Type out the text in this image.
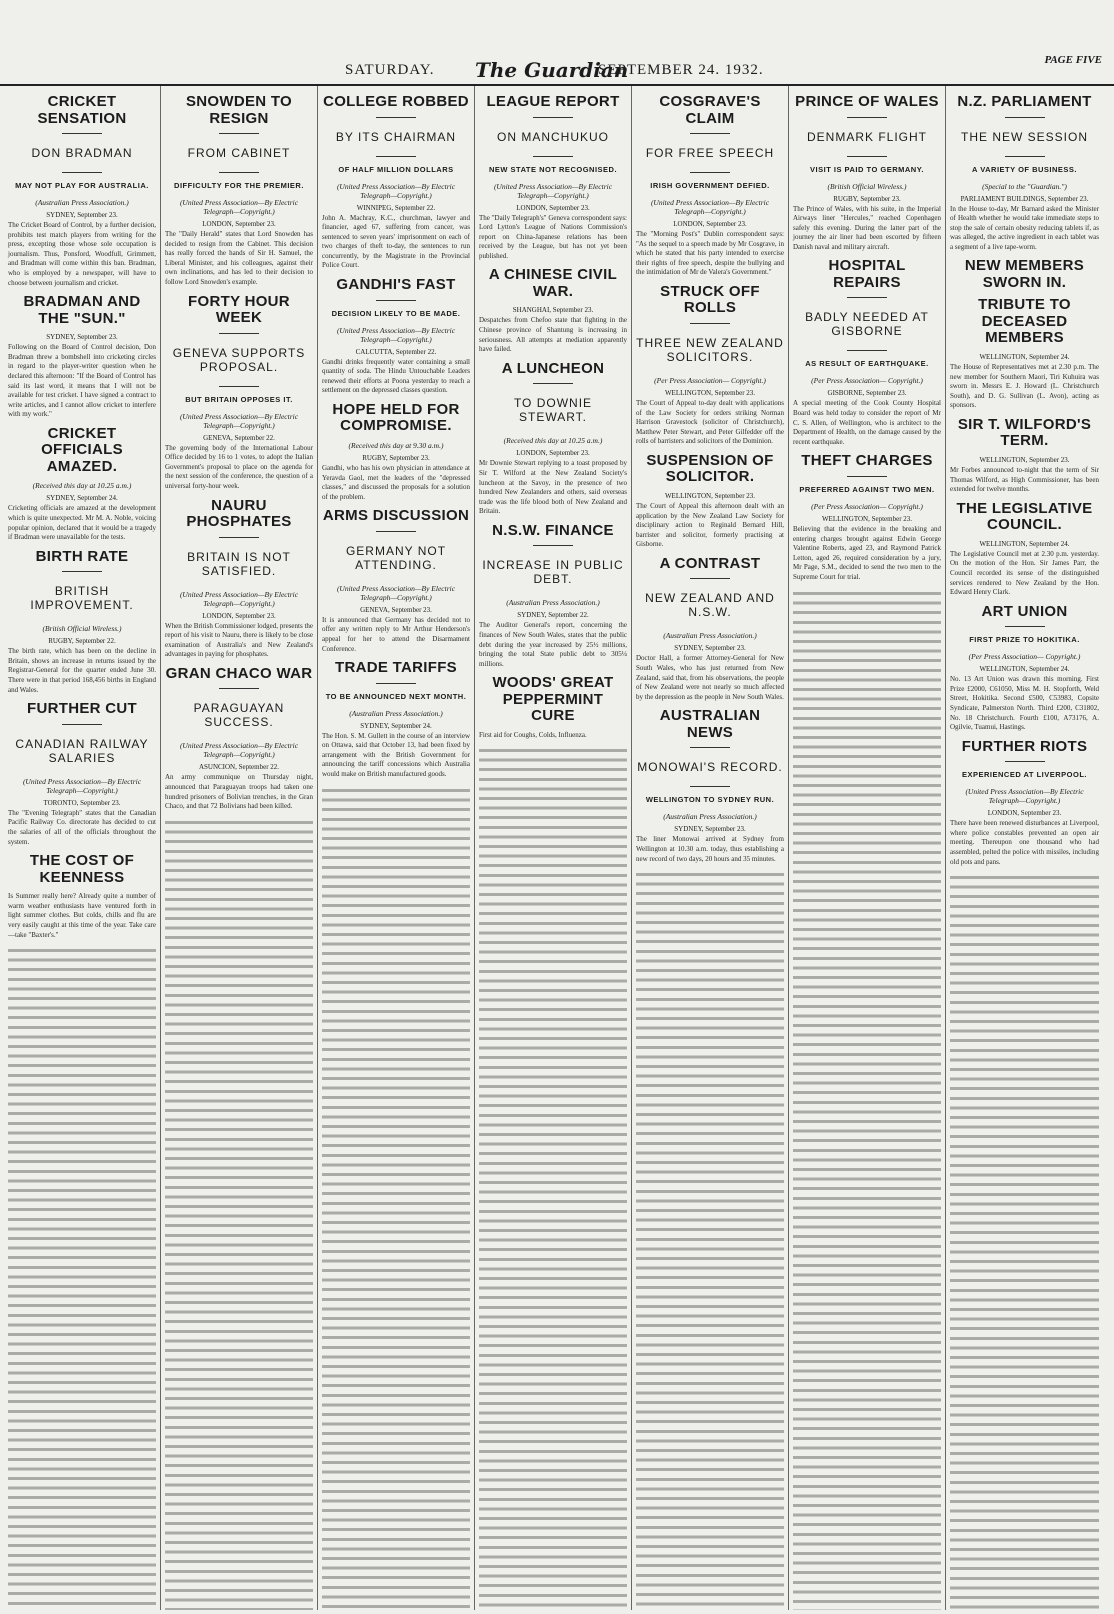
SATURDAY. The Guardian
SEPTEMBER 24. 1932.
PAGE FIVE
CRICKET SENSATION
DON BRADMAN
MAY NOT PLAY FOR AUSTRALIA.
(Australian Press Association.)
SYDNEY, September 23.
The Cricket Board of Control, by a further decision, prohibits test match players from writing for the press, excepting those whose sole occupation is journalism. Thus, Ponsford, Woodfull, Grimmett, and Bradman will come within this ban. Bradman, who is employed by a newspaper, will have to choose between journalism and cricket.
BRADMAN AND THE "SUN."
SYDNEY, September 23.
Following on the Board of Control decision, Don Bradman threw a bombshell into cricketing circles in regard to the player-writer question when he declared this afternoon: "If the Board of Control has said its last word, it means that I will not be available for test cricket. I have signed a contract to write articles, and I cannot allow cricket to interfere with my work."
CRICKET OFFICIALS AMAZED.
(Received this day at 10.25 a.m.)
SYDNEY, September 24.
Cricketing officials are amazed at the development which is quite unexpected. Mr M. A. Noble, voicing popular opinion, declared that it would be a tragedy if Bradman were unavailable for the tests.
BIRTH RATE
BRITISH IMPROVEMENT.
(British Official Wireless.)
RUGBY, September 22.
The birth rate, which has been on the decline in Britain, shows an increase in returns issued by the Registrar-General for the quarter ended June 30. There were in that period 168,456 births in England and Wales.
FURTHER CUT
CANADIAN RAILWAY SALARIES
(United Press Association—By Electric Telegraph—Copyright.)
TORONTO, September 23.
The "Evening Telegraph" states that the Canadian Pacific Railway Co. directorate has decided to cut the salaries of all of the officials throughout the system.
THE COST OF KEENNESS
Is Summer really here? Already quite a number of warm weather enthusiasts have ventured forth in light summer clothes. But colds, chills and flu are very easily caught at this time of the year. Take care—take "Baxter's."
SNOWDEN TO RESIGN
FROM CABINET
DIFFICULTY FOR THE PREMIER.
(United Press Association—By Electric Telegraph—Copyright.)
LONDON, September 23.
The "Daily Herald" states that Lord Snowden has decided to resign from the Cabinet. This decision has really forced the hands of Sir H. Samuel, the Liberal Minister, and his colleagues, against their own inclinations, and has led to their decision to follow Lord Snowden's example.
FORTY HOUR WEEK
GENEVA SUPPORTS PROPOSAL.
BUT BRITAIN OPPOSES IT.
(United Press Association—By Electric Telegraph—Copyright.)
GENEVA, September 22.
The governing body of the International Labour Office decided by 16 to 1 votes, to adopt the Italian Government's proposal to place on the agenda for the next session of the conference, the question of a universal forty-hour week.
NAURU PHOSPHATES
BRITAIN IS NOT SATISFIED.
(United Press Association—By Electric Telegraph—Copyright.)
LONDON, September 23.
When the British Commissioner lodged, presents the report of his visit to Nauru, there is likely to be close examination of Australia's and New Zealand's advantages in paying for phosphates.
GRAN CHACO WAR
PARAGUAYAN SUCCESS.
(United Press Association—By Electric Telegraph—Copyright.)
ASUNCION, September 22.
An army communique on Thursday night, announced that Paraguayan troops had taken one hundred prisoners of Bolivian trenches, in the Gran Chaco, and that 72 Bolivians had been killed.
COLLEGE ROBBED
BY ITS CHAIRMAN
OF HALF MILLION DOLLARS
(United Press Association—By Electric Telegraph—Copyright.)
WINNIPEG, September 22.
John A. Machray, K.C., churchman, lawyer and financier, aged 67, suffering from cancer, was sentenced to seven years' imprisonment on each of two charges of theft to-day, the sentences to run concurrently, by the Magistrate in the Provincial Police Court.
GANDHI'S FAST
DECISION LIKELY TO BE MADE.
(United Press Association—By Electric Telegraph—Copyright.)
CALCUTTA, September 22.
Gandhi drinks frequently water containing a small quantity of soda. The Hindu Untouchable Leaders renewed their efforts at Poona yesterday to reach a settlement on the depressed classes question.
HOPE HELD FOR COMPROMISE.
(Received this day at 9.30 a.m.)
RUGBY, September 23.
Gandhi, who has his own physician in attendance at Yeravda Gaol, met the leaders of the "depressed classes," and discussed the proposals for a solution of the problem.
ARMS DISCUSSION
GERMANY NOT ATTENDING.
(United Press Association—By Electric Telegraph—Copyright.)
GENEVA, September 23.
It is announced that Germany has decided not to offer any written reply to Mr Arthur Henderson's appeal for her to attend the Disarmament Conference.
TRADE TARIFFS
TO BE ANNOUNCED NEXT MONTH.
(Australian Press Association.)
SYDNEY, September 24.
The Hon. S. M. Gullett in the course of an interview on Ottawa, said that October 13, had been fixed by arrangement with the British Government for announcing the tariff concessions which Australia would make on British manufactured goods.
LEAGUE REPORT
ON MANCHUKUO
NEW STATE NOT RECOGNISED.
(United Press Association—By Electric Telegraph—Copyright.)
LONDON, September 23.
The "Daily Telegraph's" Geneva correspondent says: Lord Lytton's League of Nations Commission's report on China-Japanese relations has been received by the League, but has not yet been published.
A CHINESE CIVIL WAR.
SHANGHAI, September 23.
Despatches from Chefoo state that fighting in the Chinese province of Shantung is increasing in seriousness. All attempts at mediation apparently have failed.
A LUNCHEON
TO DOWNIE STEWART.
(Received this day at 10.25 a.m.)
LONDON, September 23.
Mr Downie Stewart replying to a toast proposed by Sir T. Wilford at the New Zealand Society's luncheon at the Savoy, in the presence of two hundred New Zealanders and others, said overseas trade was the life blood both of New Zealand and Britain.
N.S.W. FINANCE
INCREASE IN PUBLIC DEBT.
(Australian Press Association.)
SYDNEY, September 22.
The Auditor General's report, concerning the finances of New South Wales, states that the public debt during the year increased by 25½ millions, bringing the total State public debt to 305¼ millions.
WOODS' GREAT PEPPERMINT CURE
First aid for Coughs, Colds, Influenza.
COSGRAVE'S CLAIM
FOR FREE SPEECH
IRISH GOVERNMENT DEFIED.
(United Press Association—By Electric Telegraph—Copyright.)
LONDON, September 23.
The "Morning Post's" Dublin correspondent says: "As the sequel to a speech made by Mr Cosgrave, in which he stated that his party intended to exercise their rights of free speech, despite the bullying and the intimidation of Mr de Valera's Government."
STRUCK OFF ROLLS
THREE NEW ZEALAND SOLICITORS.
(Per Press Association— Copyright.)
WELLINGTON, September 23.
The Court of Appeal to-day dealt with applications of the Law Society for orders striking Norman Harrison Gravestock (solicitor of Christchurch), Matthew Peter Stewart, and Peter Gilfedder off the rolls of barristers and solicitors of the Dominion.
SUSPENSION OF SOLICITOR.
WELLINGTON, September 23.
The Court of Appeal this afternoon dealt with an application by the New Zealand Law Society for disciplinary action to Reginald Bernard Hill, barrister and solicitor, formerly practising at Gisborne.
A CONTRAST
NEW ZEALAND AND N.S.W.
(Australian Press Association.)
SYDNEY, September 23.
Doctor Hall, a former Attorney-General for New South Wales, who has just returned from New Zealand, said that, from his observations, the people of New Zealand were not nearly so much affected by the depression as the people in New South Wales.
AUSTRALIAN NEWS
MONOWAI'S RECORD.
WELLINGTON TO SYDNEY RUN.
(Australian Press Association.)
SYDNEY, September 23.
The liner Monowai arrived at Sydney from Wellington at 10.30 a.m. today, thus establishing a new record of two days, 20 hours and 35 minutes.
PRINCE OF WALES
DENMARK FLIGHT
VISIT IS PAID TO GERMANY.
(British Official Wireless.)
RUGBY, September 23.
The Prince of Wales, with his suite, in the Imperial Airways liner "Hercules," reached Copenhagen safely this evening. During the latter part of the journey the air liner had been escorted by fifteen Danish naval and military aircraft.
HOSPITAL REPAIRS
BADLY NEEDED AT GISBORNE
AS RESULT OF EARTHQUAKE.
(Per Press Association— Copyright.)
GISBORNE, September 23.
A special meeting of the Cook County Hospital Board was held today to consider the report of Mr C. S. Allen, of Wellington, who is architect to the Department of Health, on the damage caused by the recent earthquake.
THEFT CHARGES
PREFERRED AGAINST TWO MEN.
(Per Press Association— Copyright.)
WELLINGTON, September 23.
Believing that the evidence in the breaking and entering charges brought against Edwin George Valentine Roberts, aged 23, and Raymond Patrick Letton, aged 26, required consideration by a jury, Mr Page, S.M., decided to send the two men to the Supreme Court for trial.
N.Z. PARLIAMENT
THE NEW SESSION
A VARIETY OF BUSINESS.
(Special to the "Guardian.")
PARLIAMENT BUILDINGS, September 23.
In the House to-day, Mr Barnard asked the Minister of Health whether he would take immediate steps to stop the sale of certain obesity reducing tablets if, as was alleged, the active ingredient in each tablet was a segment of a live tape-worm.
NEW MEMBERS SWORN IN.
TRIBUTE TO DECEASED MEMBERS
WELLINGTON, September 24.
The House of Representatives met at 2.30 p.m. The new member for Southern Maori, Tiri Kuhuira was sworn in. Messrs E. J. Howard (L. Christchurch South), and D. G. Sullivan (L. Avon), acting as sponsors.
SIR T. WILFORD'S TERM.
WELLINGTON, September 23.
Mr Forbes announced to-night that the term of Sir Thomas Wilford, as High Commissioner, has been extended for twelve months.
THE LEGISLATIVE COUNCIL.
WELLINGTON, September 24.
The Legislative Council met at 2.30 p.m. yesterday. On the motion of the Hon. Sir James Parr, the Council recorded its sense of the distinguished services rendered to New Zealand by the Hon. Edward Henry Clark.
ART UNION
FIRST PRIZE TO HOKITIKA.
(Per Press Association— Copyright.)
WELLINGTON, September 24.
No. 13 Art Union was drawn this morning. First Prize £2000, C61050, Miss M. H. Stopforth, Weld Street, Hokitika. Second £500, C53983, Copsite Syndicate, Palmerston North. Third £200, C31802, No. 18 Christchurch. Fourth £100, A73176, A. Ogilvie, Tuamui, Hastings.
FURTHER RIOTS
EXPERIENCED AT LIVERPOOL.
(United Press Association—By Electric Telegraph—Copyright.)
LONDON, September 23.
There have been renewed disturbances at Liverpool, where police constables prevented an open air meeting. Thereupon one thousand who had assembled, pelted the police with missiles, including old pots and pans.
